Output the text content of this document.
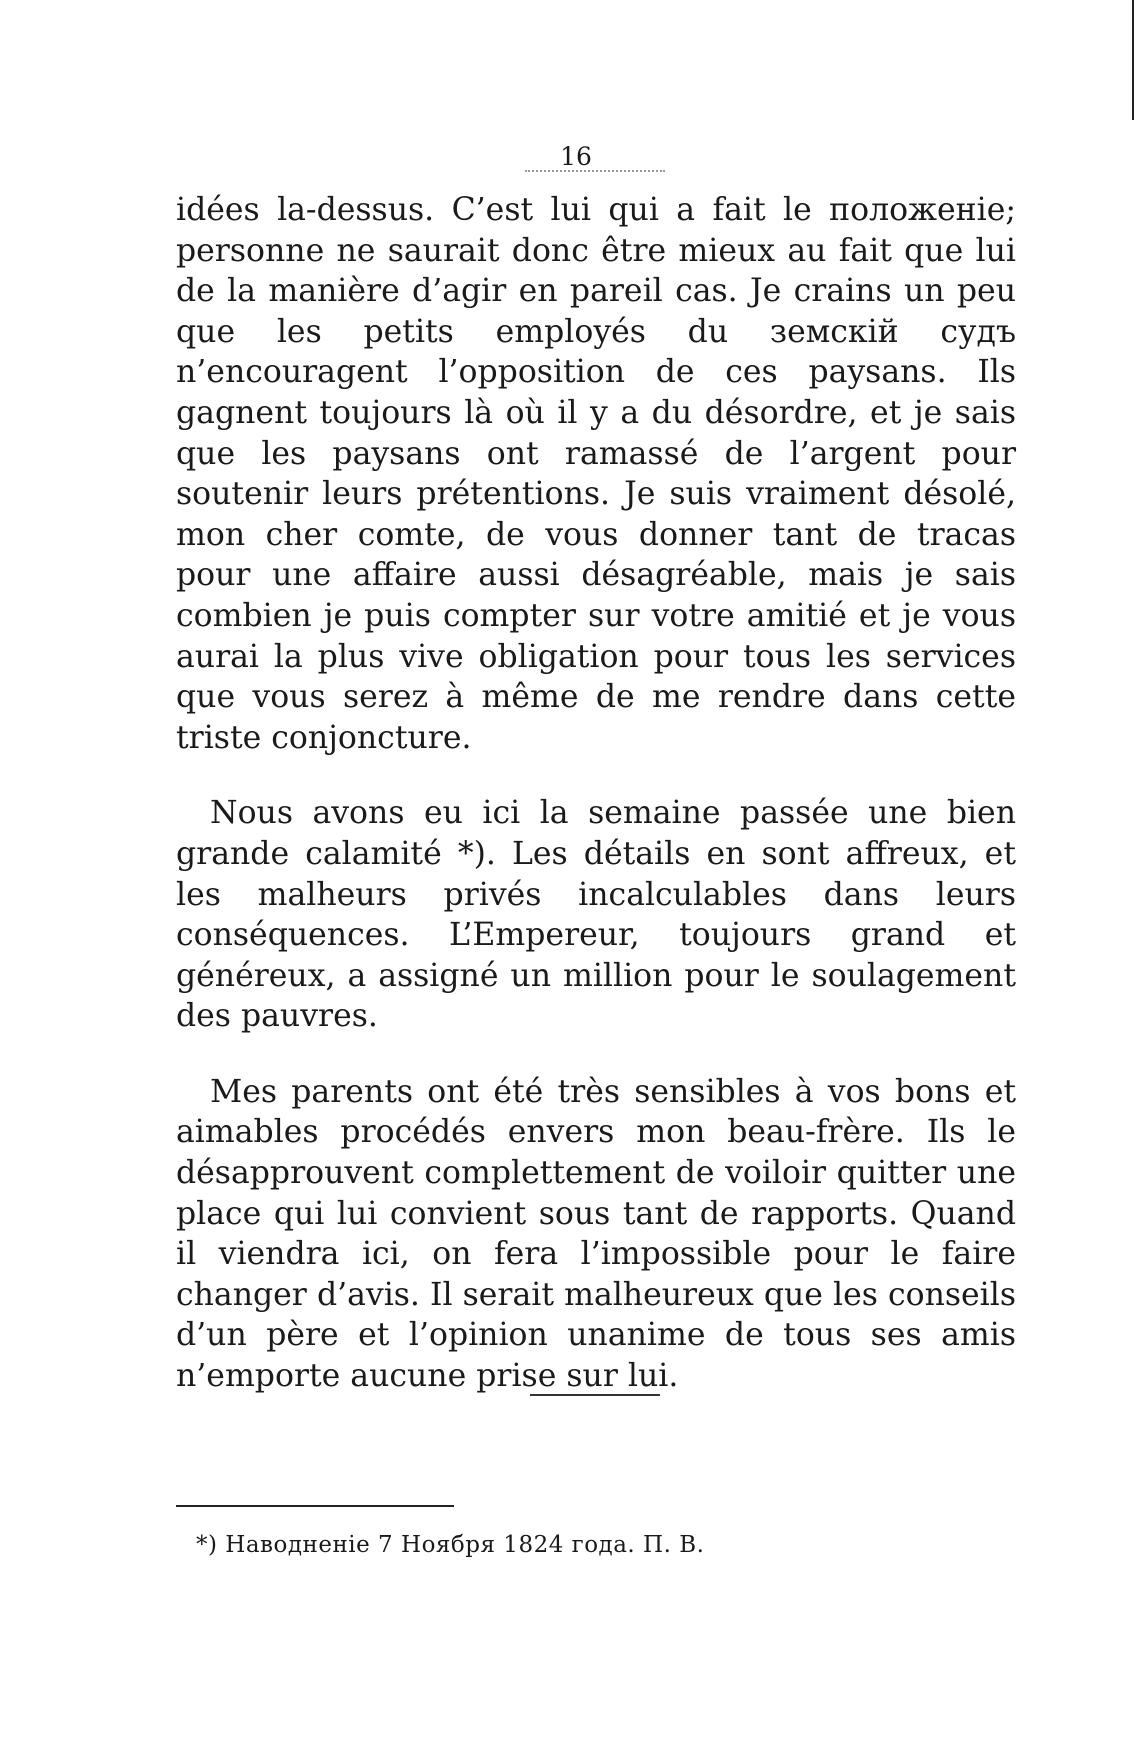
16

idées la-dessus. C’est lui qui a fait le положеніе; personne ne saurait donc être mieux au fait que lui de la manière d’agir en pareil cas. Je crains un peu que les petits employés du земскій судъ n’encouragent l’opposition de ces paysans. Ils gagnent toujours là où il y a du désordre, et je sais que les paysans ont ramassé de l’argent pour soutenir leurs prétentions. Je suis vraiment désolé, mon cher comte, de vous donner tant de tracas pour une affaire aussi désagréable, mais je sais combien je puis compter sur votre amitié et je vous aurai la plus vive obligation pour tous les services que vous serez à même de me rendre dans cette triste conjoncture.

Nous avons eu ici la semaine passée une bien grande calamité *). Les détails en sont affreux, et les malheurs privés incalculables dans leurs conséquences. L’Empereur, toujours grand et généreux, a assigné un million pour le soulagement des pauvres.

Mes parents ont été très sensibles à vos bons et aimables procédés envers mon beau-frère. Ils le désapprouvent complettement de voiloir quitter une place qui lui convient sous tant de rapports. Quand il viendra ici, on fera l’impossible pour le faire changer d’avis. Il serait malheureux que les conseils d’un père et l’opinion unanime de tous ses amis n’emporte aucune prise sur lui.

*) Наводненіе 7 Ноября 1824 года. П. В.
